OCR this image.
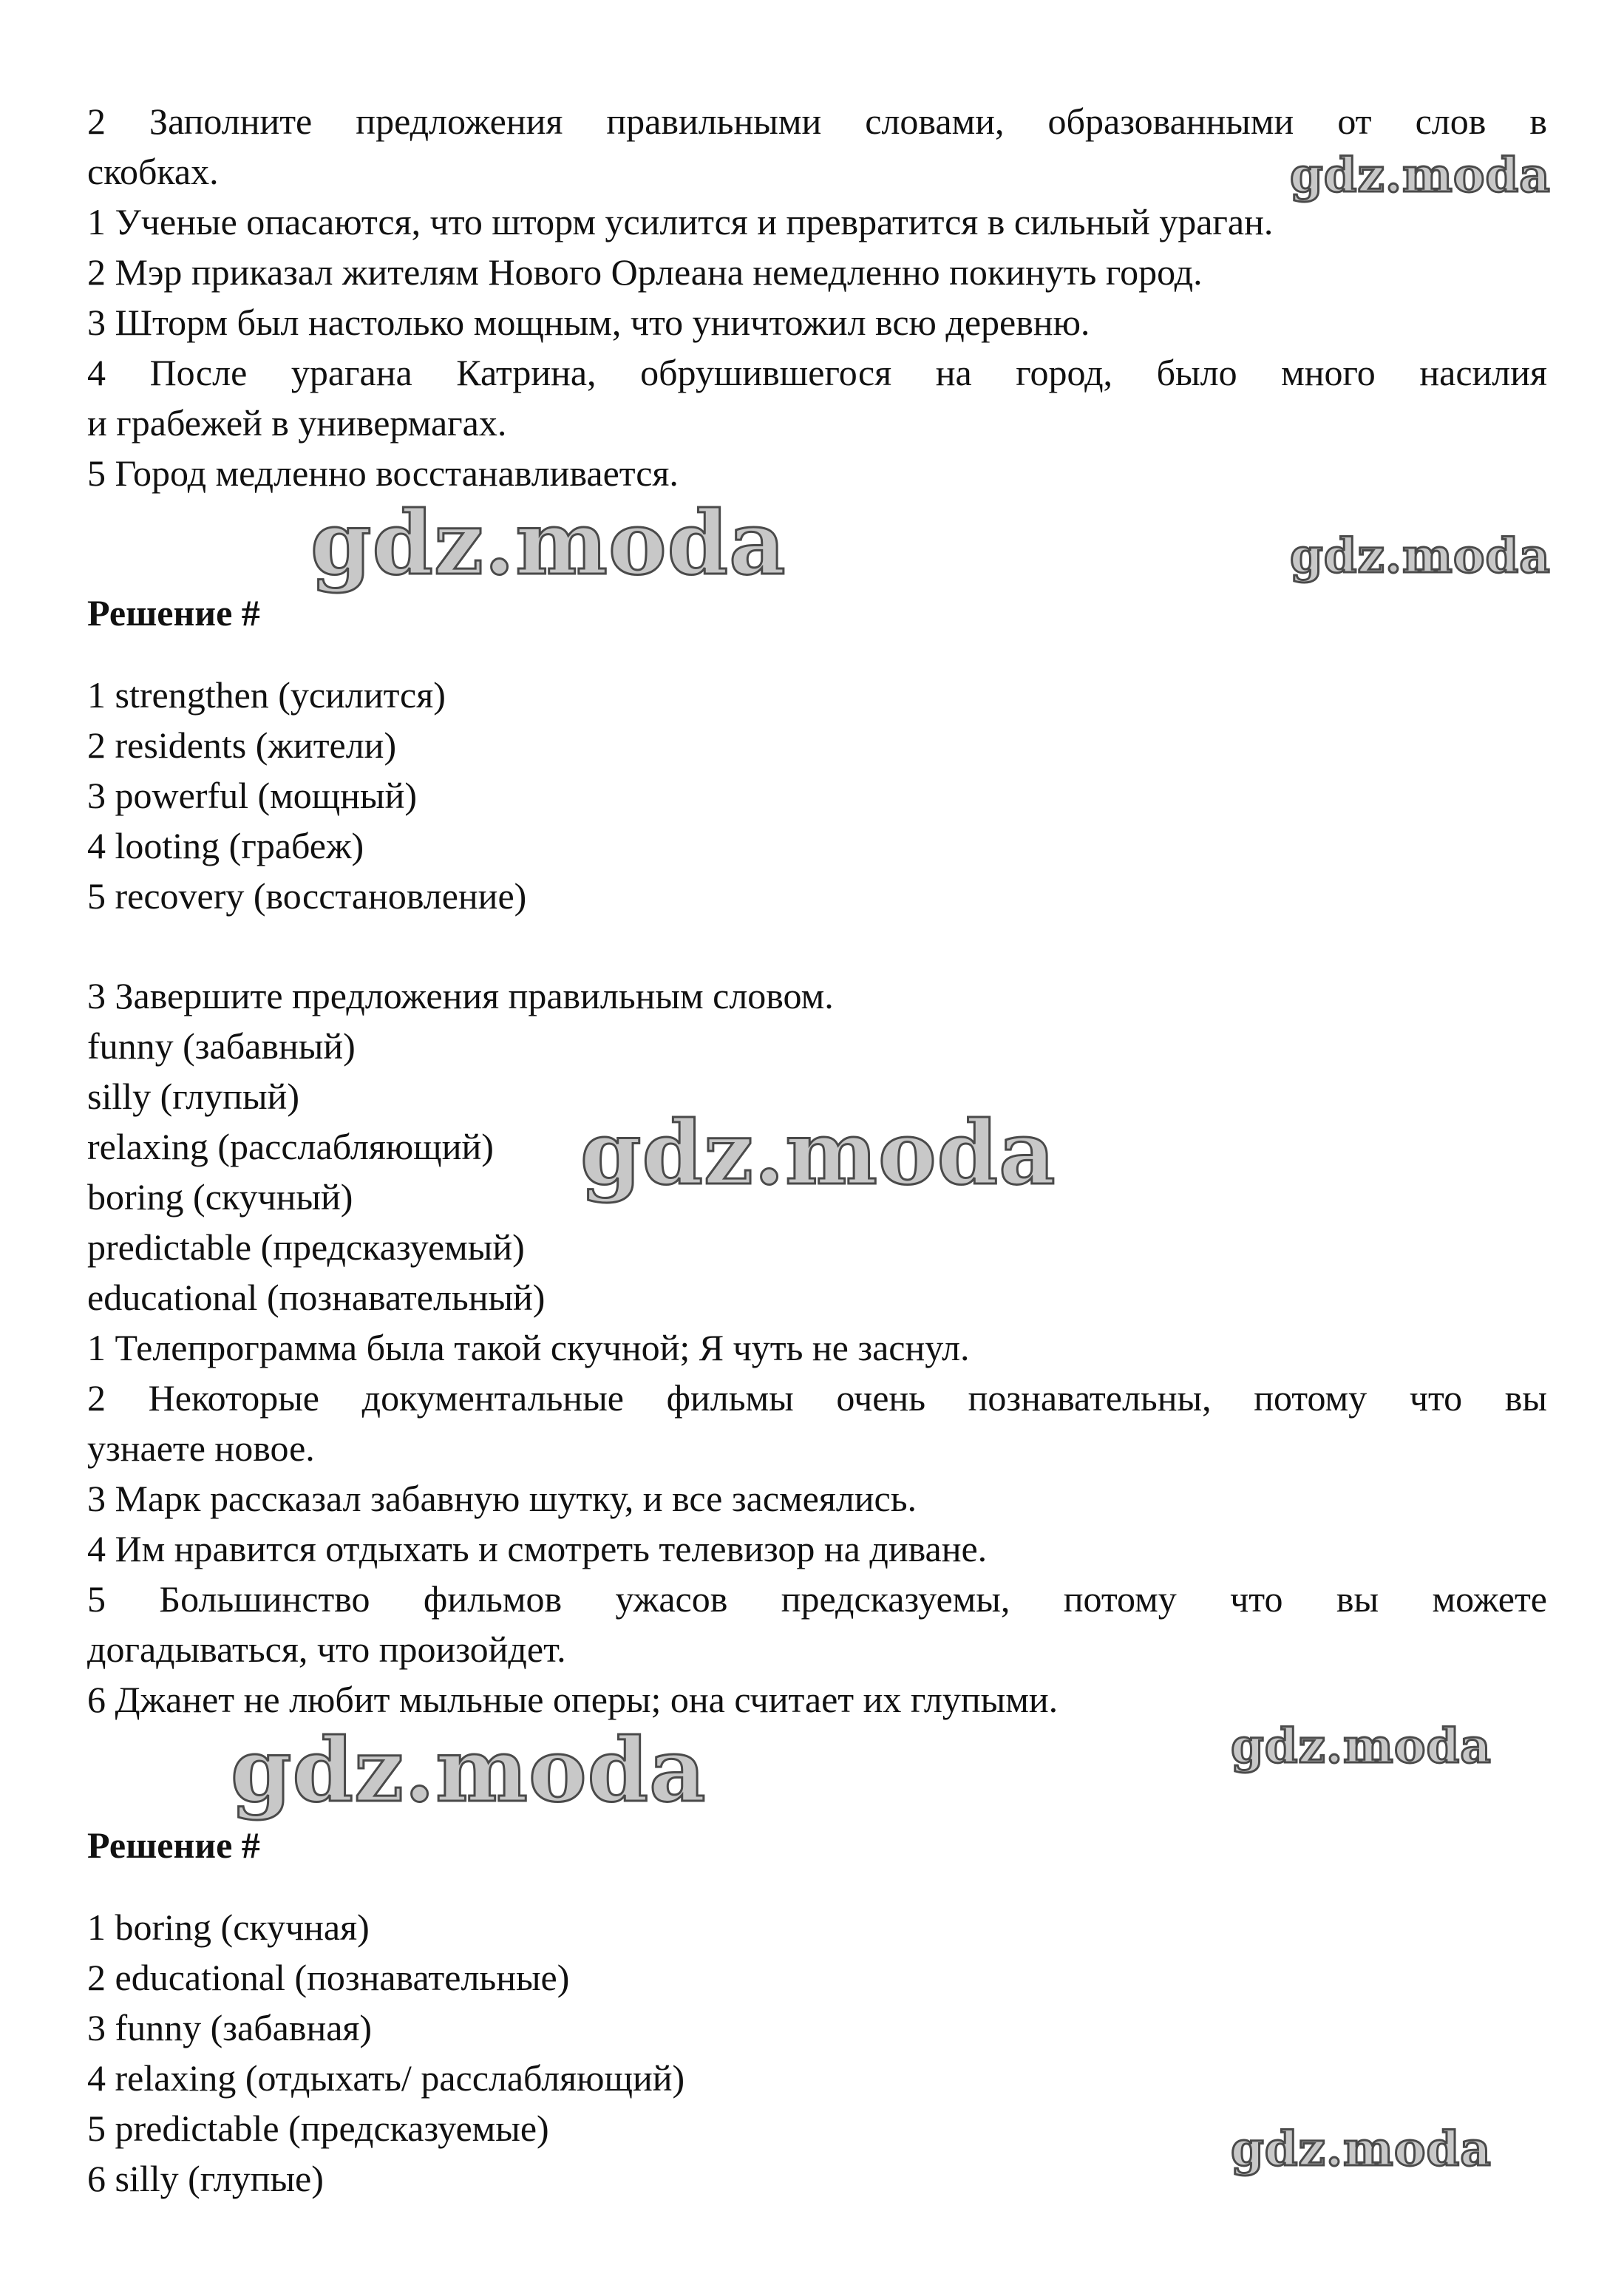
2 Заполните предложения правильными словами, образованными от слов в
скобках.
1 Ученые опасаются, что шторм усилится и превратится в сильный ураган.
2 Мэр приказал жителям Нового Орлеана немедленно покинуть город.
3 Шторм был настолько мощным, что уничтожил всю деревню.
4 После урагана Катрина, обрушившегося на город, было много насилия
и грабежей в универмагах.
5 Город медленно восстанавливается.
Решение #
1 strengthen (усилится)
2 residents (жители)
3 powerful (мощный)
4 looting (грабеж)
5 recovery (восстановление)
3 Завершите предложения правильным словом.
funny (забавный)
silly (глупый)
relaxing (расслабляющий)
boring (скучный)
predictable (предсказуемый)
educational (познавательный)
1 Телепрограмма была такой скучной; Я чуть не заснул.
2 Некоторые документальные фильмы очень познавательны, потому что вы
узнаете новое.
3 Марк рассказал забавную шутку, и все засмеялись.
4 Им нравится отдыхать и смотреть телевизор на диване.
5 Большинство фильмов ужасов предсказуемы, потому что вы можете
догадываться, что произойдет.
6 Джанет не любит мыльные оперы; она считает их глупыми.
Решение #
1 boring (скучная)
2 educational (познавательные)
3 funny (забавная)
4 relaxing (отдыхать/ расслабляющий)
5 predictable (предсказуемые)
6 silly (глупые)
gdz.moda
gdz.moda	gdz.moda
gdz.moda
gdz.moda	gdz.moda
gdz.moda
